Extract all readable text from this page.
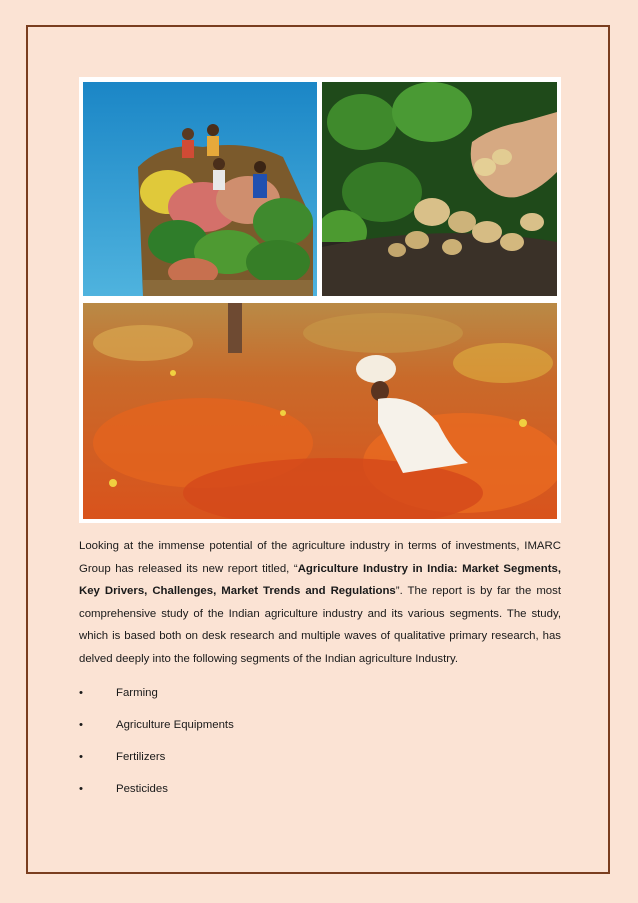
Looking at the immense potential of the agriculture industry in terms of investments, IMARC Group has released its new report titled, “Agriculture Industry in India: Market Segments, Key Drivers, Challenges, Market Trends and Regulations”. The report is by far the most comprehensive study of the Indian agriculture industry and its various segments. The study, which is based both on desk research and multiple waves of qualitative primary research, has delved deeply into the following segments of the Indian agriculture Industry.
•	Farming
•	Agriculture Equipments
•	Fertilizers
•	Pesticides
